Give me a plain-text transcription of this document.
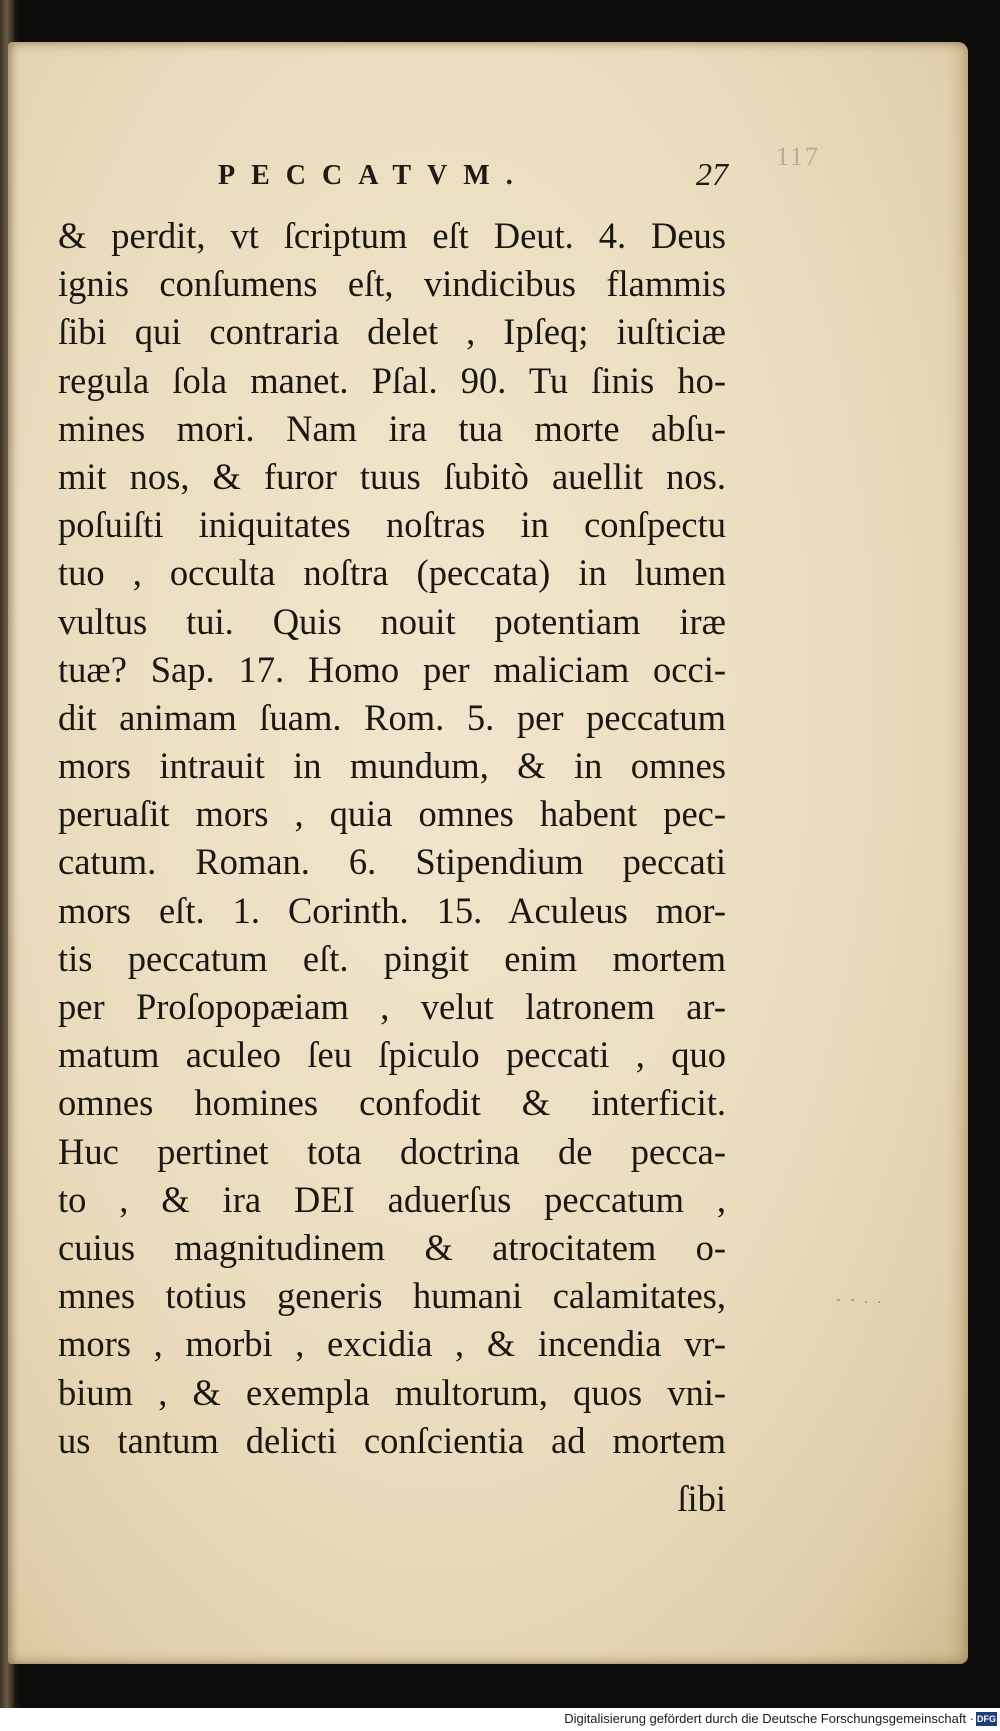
PECCATVM.	27 117
& perdit, vt ſcriptum eſt Deut. 4. Deus
ignis conſumens eſt, vindicibus flammis
ſibi qui contraria delet , Ipſeq; iuſticiæ
regula ſola manet. Pſal. 90. Tu ſinis ho-
mines mori. Nam ira tua morte abſu-
mit nos, & furor tuus ſubitò auellit nos.
poſuiſti iniquitates noſtras in conſpectu
tuo , occulta noſtra (peccata) in lumen
vultus tui. Quis nouit potentiam iræ
tuæ? Sap. 17. Homo per maliciam occi-
dit animam ſuam. Rom. 5. per peccatum
mors intrauit in mundum, & in omnes
peruaſit mors , quia omnes habent pec-
catum. Roman. 6. Stipendium peccati
mors eſt. 1. Corinth. 15. Aculeus mor-
tis peccatum eſt. pingit enim mortem
per Proſopopæiam , velut latronem ar-
matum aculeo ſeu ſpiculo peccati , quo
omnes homines confodit & interficit.
Huc pertinet tota doctrina de pecca-
to , & ira DEI aduerſus peccatum ,
cuius magnitudinem & atrocitatem o-
mnes totius generis humani calamitates,
mors , morbi , excidia , & incendia vr-
bium , & exempla multorum, quos vni-
us tantum delicti conſcientia ad mortem
ſibi
- - . .
Digitalisierung gefördert durch die Deutsche Forschungsgemeinschaft · DFG
